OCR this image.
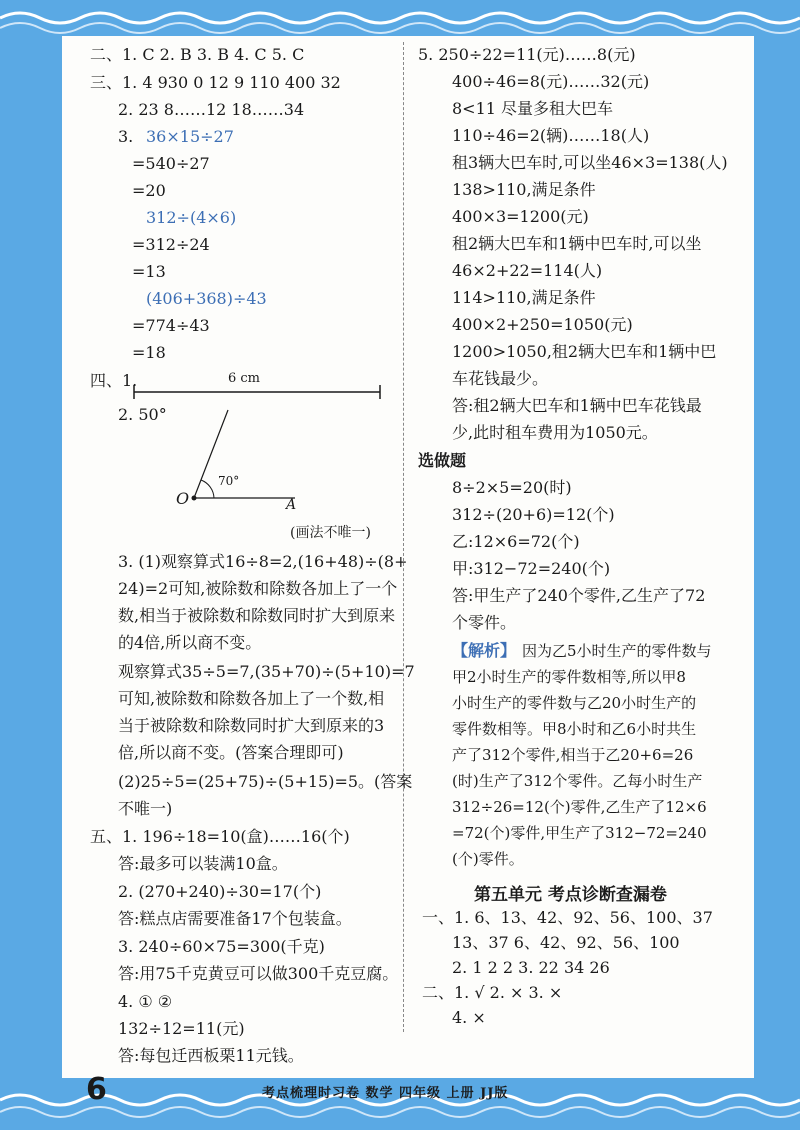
二、1. C 2. B 3. B 4. C 5. C
三、1. 4 930 0 12 9 110 400 32
2. 23 8……12 18……34
3. 36×15÷27
=540÷27
=20
312÷(4×6)
=312÷24
=13
(406+368)÷43
=774÷43
=18
四、1.	6 cm
2. 50°
70°
O	A
(画法不唯一)
3. (1)观察算式16÷8=2,(16+48)÷(8+
24)=2可知,被除数和除数各加上了一个
数,相当于被除数和除数同时扩大到原来
的4倍,所以商不变。
观察算式35÷5=7,(35+70)÷(5+10)=7
可知,被除数和除数各加上了一个数,相
当于被除数和除数同时扩大到原来的3
倍,所以商不变。(答案合理即可)
(2)25÷5=(25+75)÷(5+15)=5。(答案
不唯一)
五、1. 196÷18=10(盒)……16(个)
答:最多可以装满10盒。
2. (270+240)÷30=17(个)
答:糕点店需要准备17个包装盒。
3. 240÷60×75=300(千克)
答:用75千克黄豆可以做300千克豆腐。
4. ① ②
132÷12=11(元)
答:每包迁西板栗11元钱。
5. 250÷22=11(元)……8(元)
400÷46=8(元)……32(元)
8<11 尽量多租大巴车
110÷46=2(辆)……18(人)
租3辆大巴车时,可以坐46×3=138(人)
138>110,满足条件
400×3=1200(元)
租2辆大巴车和1辆中巴车时,可以坐
46×2+22=114(人)
114>110,满足条件
400×2+250=1050(元)
1200>1050,租2辆大巴车和1辆中巴
车花钱最少。
答:租2辆大巴车和1辆中巴车花钱最
少,此时租车费用为1050元。
选做题
8÷2×5=20(时)
312÷(20+6)=12(个)
乙:12×6=72(个)
甲:312−72=240(个)
答:甲生产了240个零件,乙生产了72
个零件。
【解析】 因为乙5小时生产的零件数与
甲2小时生产的零件数相等,所以甲8
小时生产的零件数与乙20小时生产的
零件数相等。甲8小时和乙6小时共生
产了312个零件,相当于乙20+6=26
(时)生产了312个零件。乙每小时生产
312÷26=12(个)零件,乙生产了12×6
=72(个)零件,甲生产了312−72=240
(个)零件。
第五单元 考点诊断查漏卷
一、1. 6、13、42、92、56、100、37
13、37 6、42、92、56、100
2. 1 2 2 3. 22 34 26
二、1. √ 2. × 3. ×
4. ×
6	考点梳理时习卷 数学 四年级 上册 JJ版
